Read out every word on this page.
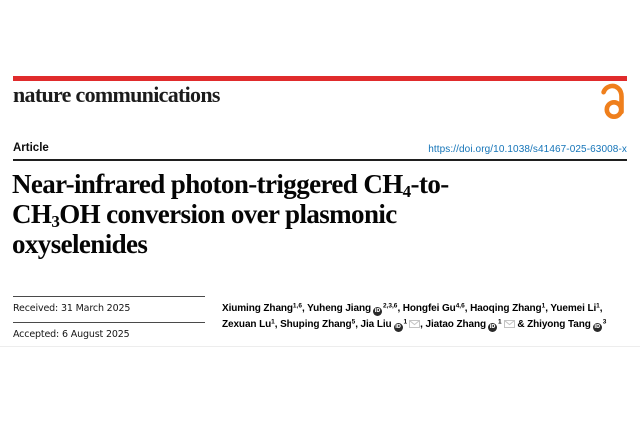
nature communications
Article	https://doi.org/10.1038/s41467-025-63008-x
Near-infrared photon-triggered $CH_4-to-$
$CH_3OH$ conversion over plasmonic
oxyselenides
Received: 31 March 2025
Accepted: 6 August 2025
Xiuming Zhang$^{1,6}$, Yuheng Jiang iD$^{2,3,6}$, Hongfei Gu$^{4,6}$, Haoqing Zhang$^1$, Yuemei Li$^1$,
Zexuan Lu$^1$, Shuping Zhang$^5$, Jia Liu $iD^1$ , Jiatao Zhang $iD^1$ & Zhiyong Tang $iD^3$
